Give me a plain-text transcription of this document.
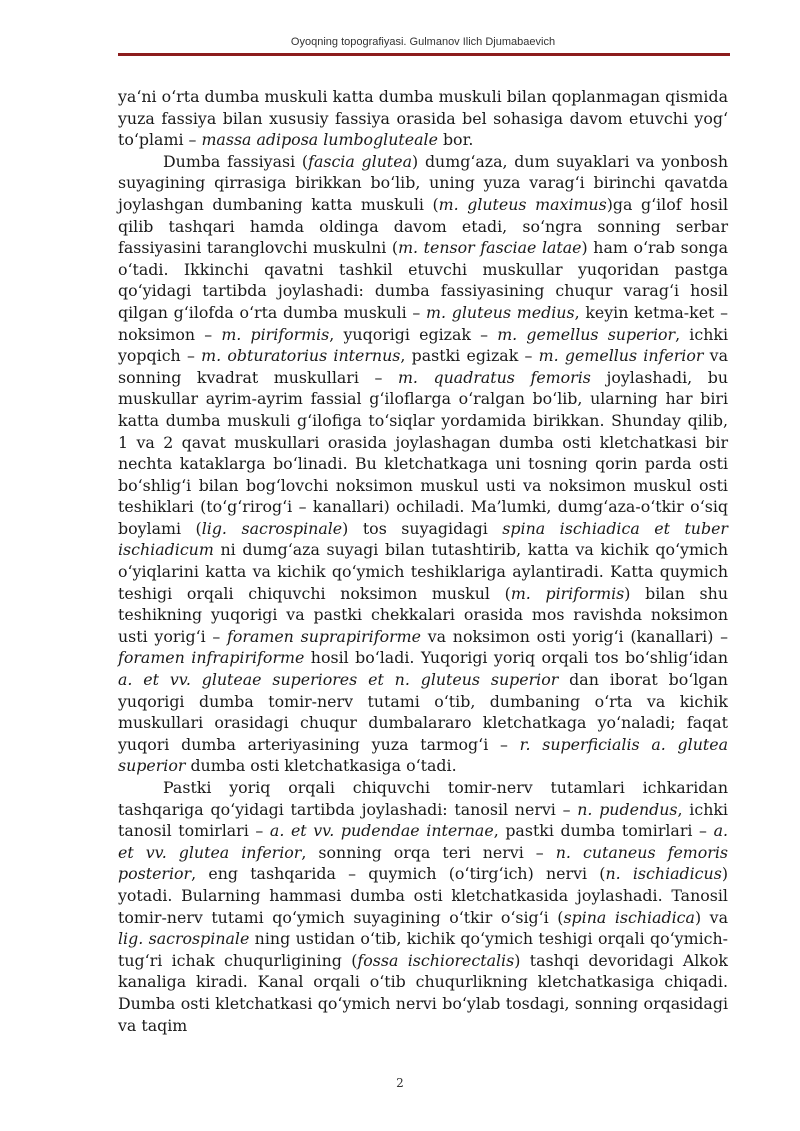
Oyoqning topografiyasi. Gulmanov Ilich Djumabaevich

ya‘ni o‘rta dumba muskuli katta dumba muskuli bilan qoplanmagan qismida yuza fassiya bilan xususiy fassiya orasida bel sohasiga davom etuvchi yog‘ to‘plami – massa adiposa lumbogluteale bor.

Dumba fassiyasi (fascia glutea) dumg‘aza, dum suyaklari va yonbosh suyagining qirrasiga birikkan bo‘lib, uning yuza varag‘i birinchi qavatda joylashgan dumbaning katta muskuli (m. gluteus maximus)ga g‘ilof hosil qilib tashqari hamda oldinga davom etadi, so‘ngra sonning serbar fassiyasini taranglovchi muskulni (m. tensor fasciae latae) ham o‘rab songa o‘tadi. Ikkinchi qavatni tashkil etuvchi muskullar yuqoridan pastga qo‘yidagi tartibda joylashadi: dumba fassiyasining chuqur varag‘i hosil qilgan g‘ilofda o‘rta dumba muskuli – m. gluteus medius, keyin ketma-ket – noksimon – m. piriformis, yuqorigi egizak – m. gemellus superior, ichki yopqich – m. obturatorius internus, pastki egizak – m. gemellus inferior va sonning kvadrat muskullari – m. quadratus femoris joylashadi, bu muskullar ayrim-ayrim fassial g‘iloflarga o‘ralgan bo‘lib, ularning har biri katta dumba muskuli g‘ilofiga to‘siqlar yordamida birikkan. Shunday qilib, 1 va 2 qavat muskullari orasida joylashagan dumba osti kletchatkasi bir nechta kataklarga bo‘linadi. Bu kletchatkaga uni tosning qorin parda osti bo‘shlig‘i bilan bog‘lovchi noksimon muskul usti va noksimon muskul osti teshiklari (to‘g‘rirog‘i – kanallari) ochiladi. Ma’lumki, dumg‘aza-o‘tkir o‘siq boylami (lig. sacrospinale) tos suyagidagi spina ischiadica et tuber ischiadicum ni dumg‘aza suyagi bilan tutashtirib, katta va kichik qo‘ymich o‘yiqlarini katta va kichik qo‘ymich teshiklariga aylantiradi. Katta quymich teshigi orqali chiquvchi noksimon muskul (m. piriformis) bilan shu teshikning yuqorigi va pastki chekkalari orasida mos ravishda noksimon usti yorig‘i – foramen suprapiriforme va noksimon osti yorig‘i (kanallari) – foramen infrapiriforme hosil bo‘ladi. Yuqorigi yoriq orqali tos bo‘shlig‘idan a. et vv. gluteae superiores et n. gluteus superior dan iborat bo‘lgan yuqorigi dumba tomir-nerv tutami o‘tib, dumbaning o‘rta va kichik muskullari orasidagi chuqur dumbalararo kletchatkaga yo‘naladi; faqat yuqori dumba arteriyasining yuza tarmog‘i – r. superficialis a. glutea superior dumba osti kletchatkasiga o‘tadi.

Pastki yoriq orqali chiquvchi tomir-nerv tutamlari ichkaridan tashqariga qo‘yidagi tartibda joylashadi: tanosil nervi – n. pudendus, ichki tanosil tomirlari – a. et vv. pudendae internae, pastki dumba tomirlari – a. et vv. glutea inferior, sonning orqa teri nervi – n. cutaneus femoris posterior, eng tashqarida – quymich (o‘tirg‘ich) nervi (n. ischiadicus) yotadi. Bularning hammasi dumba osti kletchatkasida joylashadi. Tanosil tomir-nerv tutami qo‘ymich suyagining o‘tkir o‘sig‘i (spina ischiadica) va lig. sacrospinale ning ustidan o‘tib, kichik qo‘ymich teshigi orqali qo‘ymich-tug‘ri ichak chuqurligining (fossa ischiorectalis) tashqi devoridagi Alkok kanaliga kiradi. Kanal orqali o‘tib chuqurlikning kletchatkasiga chiqadi. Dumba osti kletchatkasi qo‘ymich nervi bo‘ylab tosdagi, sonning orqasidagi va taqim

2
